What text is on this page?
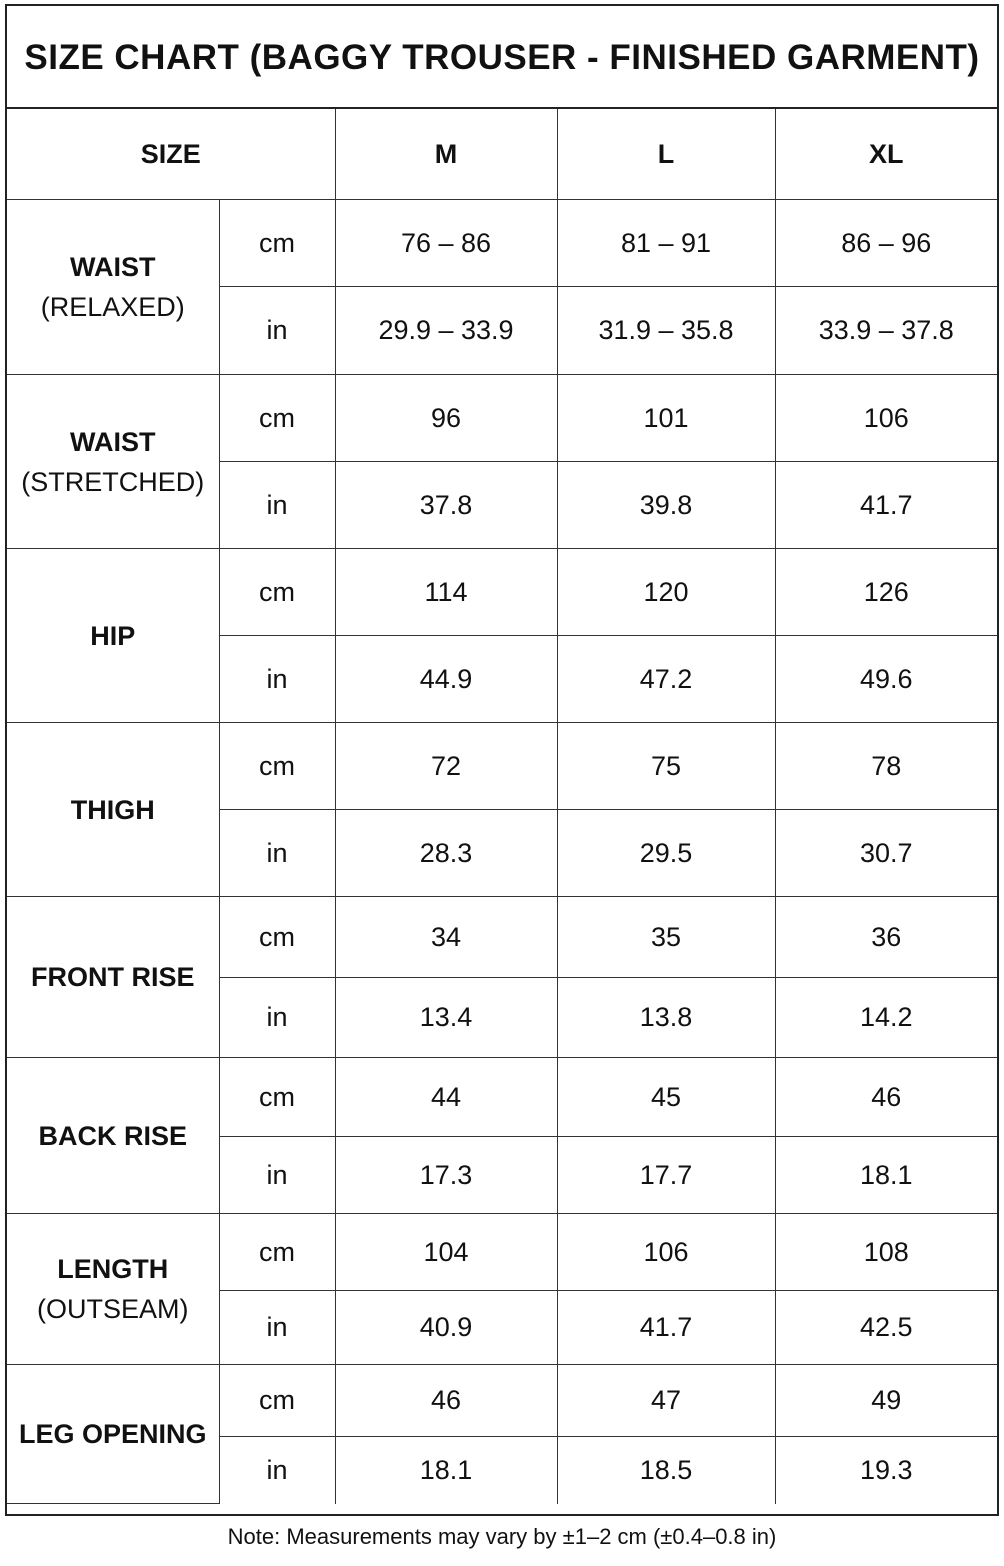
SIZE CHART (BAGGY TROUSER - FINISHED GARMENT)
SIZE		M	L	XL

WAIST
(RELAXED)	cm	76 – 86	81 – 91	86 – 96
	in	29.9 – 33.9	31.9 – 35.8	33.9 – 37.8

WAIST
(STRETCHED)	cm	96	101	106
	in	37.8	39.8	41.7

HIP	cm	114	120	126
	in	44.9	47.2	49.6

THIGH	cm	72	75	78
	in	28.3	29.5	30.7

FRONT RISE	cm	34	35	36
	in	13.4	13.8	14.2

BACK RISE	cm	44	45	46
	in	17.3	17.7	18.1

LENGTH
(OUTSEAM)	cm	104	106	108
	in	40.9	41.7	42.5

LEG OPENING	cm	46	47	49
	in	18.1	18.5	19.3
Note: Measurements may vary by ±1–2 cm (±0.4–0.8 in)
